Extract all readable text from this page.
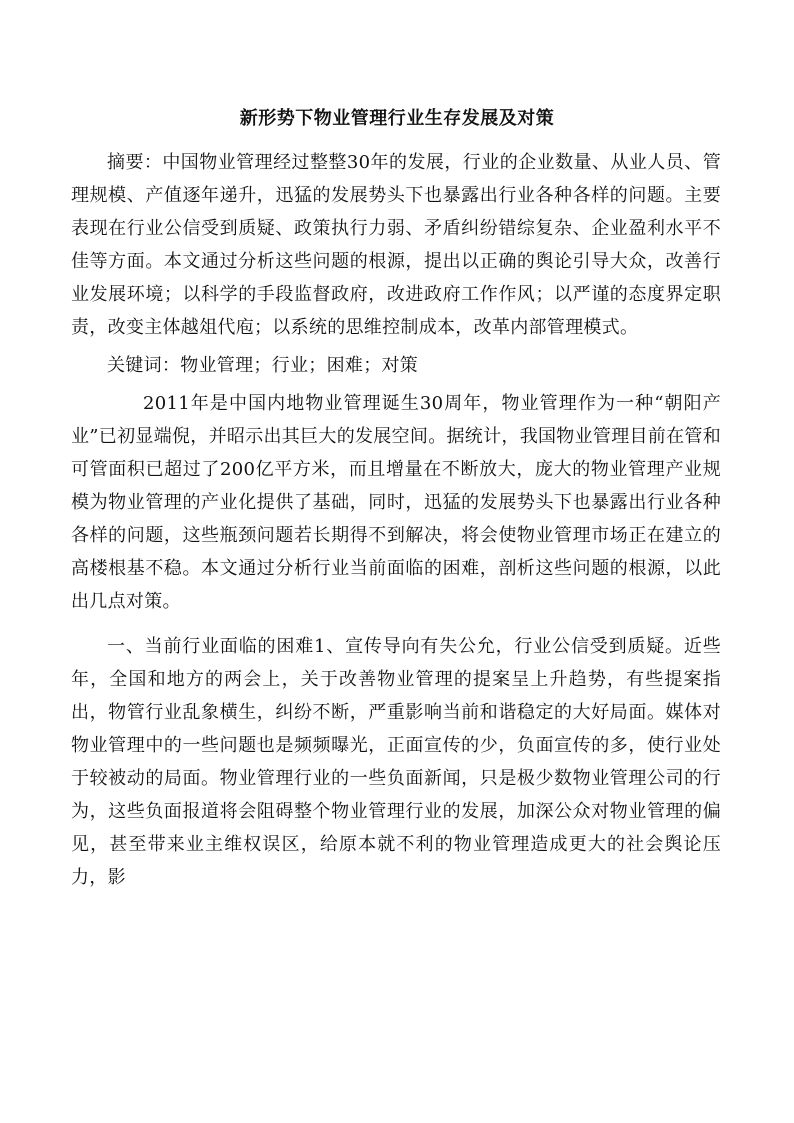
新形势下物业管理行业生存发展及对策

摘要：中国物业管理经过整整30年的发展，行业的企业数量、从业人员、管理规模、产值逐年递升，迅猛的发展势头下也暴露出行业各种各样的问题。主要表现在行业公信受到质疑、政策执行力弱、矛盾纠纷错综复杂、企业盈利水平不佳等方面。本文通过分析这些问题的根源，提出以正确的舆论引导大众，改善行业发展环境；以科学的手段监督政府，改进政府工作作风；以严谨的态度界定职责，改变主体越俎代庖；以系统的思维控制成本，改革内部管理模式。

关键词：物业管理；行业；困难；对策

2011年是中国内地物业管理诞生30周年，物业管理作为一种“朝阳产业”已初显端倪，并昭示出其巨大的发展空间。据统计，我国物业管理目前在管和可管面积已超过了200亿平方米，而且增量在不断放大，庞大的物业管理产业规模为物业管理的产业化提供了基础，同时，迅猛的发展势头下也暴露出行业各种各样的问题，这些瓶颈问题若长期得不到解决，将会使物业管理市场正在建立的高楼根基不稳。本文通过分析行业当前面临的困难，剖析这些问题的根源，以此出几点对策。

一、当前行业面临的困难1、宣传导向有失公允，行业公信受到质疑。近些年，全国和地方的两会上，关于改善物业管理的提案呈上升趋势，有些提案指出，物管行业乱象横生，纠纷不断，严重影响当前和谐稳定的大好局面。媒体对物业管理中的一些问题也是频频曝光，正面宣传的少，负面宣传的多，使行业处于较被动的局面。物业管理行业的一些负面新闻，只是极少数物业管理公司的行为，这些负面报道将会阻碍整个物业管理行业的发展，加深公众对物业管理的偏见，甚至带来业主维权误区，给原本就不利的物业管理造成更大的社会舆论压力，影
